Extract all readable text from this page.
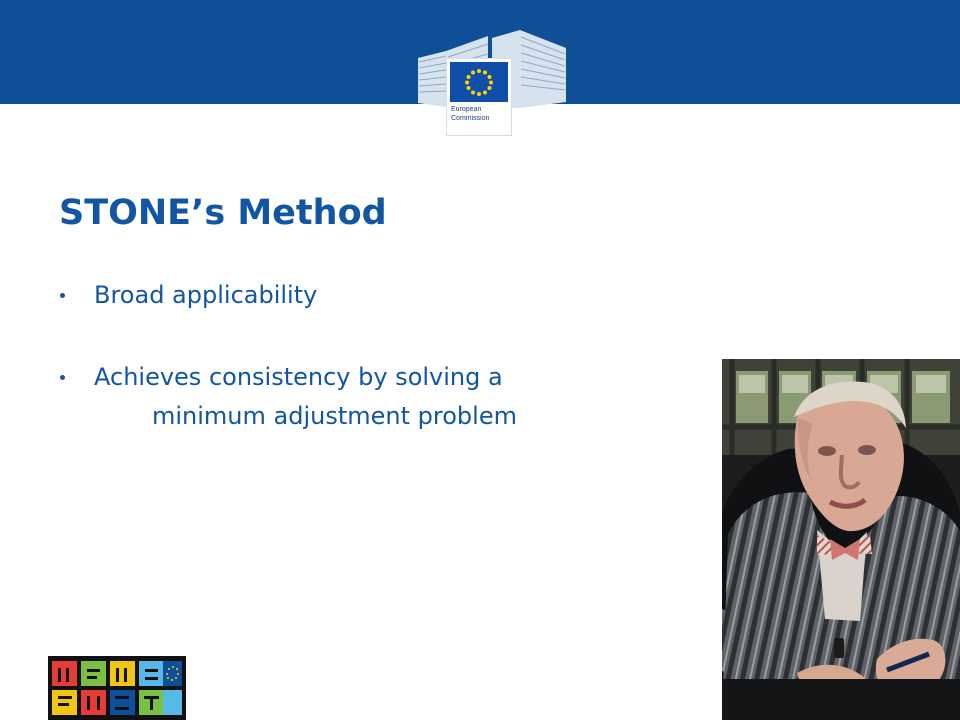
European
Commission
STONE’s Method
Broad applicability
Achieves consistency by solving a
minimum adjustment problem
